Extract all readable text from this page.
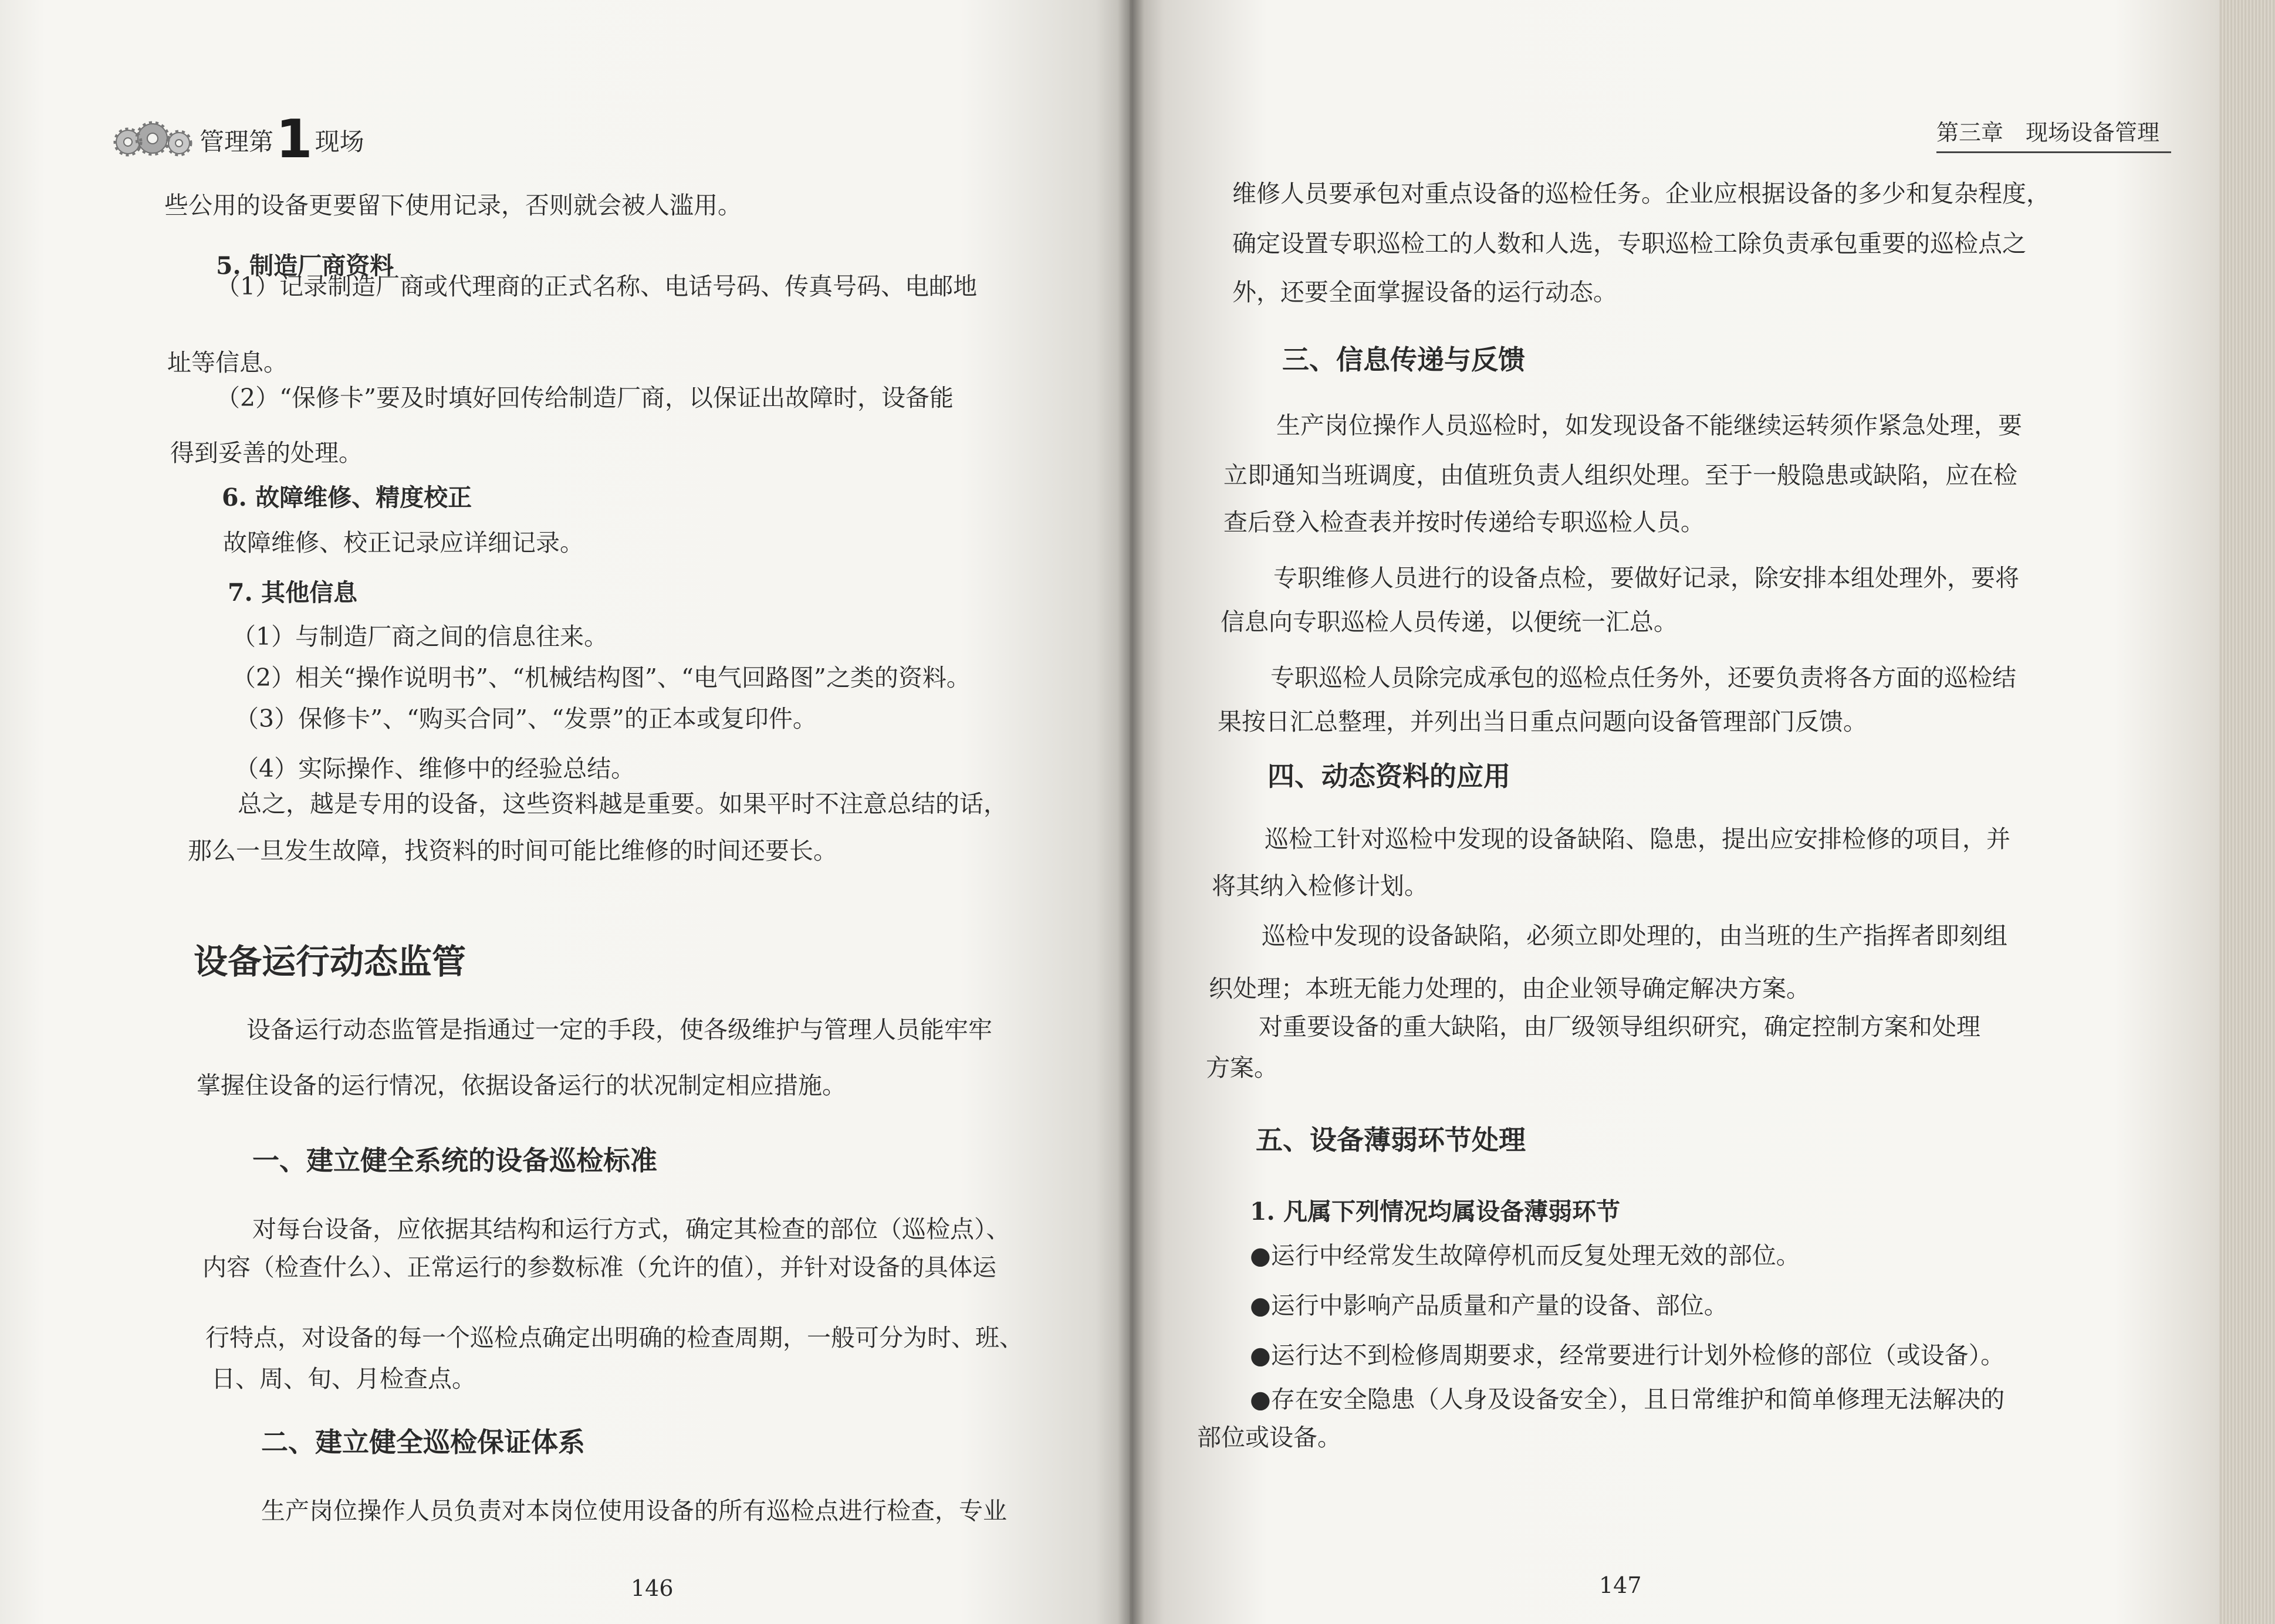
管理第1现场
些公用的设备更要留下使用记录，否则就会被人滥用。
5. 制造厂商资料
（1）记录制造厂商或代理商的正式名称、电话号码、传真号码、电邮地
址等信息。
（2）“保修卡”要及时填好回传给制造厂商，以保证出故障时，设备能
得到妥善的处理。
6. 故障维修、精度校正
故障维修、校正记录应详细记录。
7. 其他信息
（1）与制造厂商之间的信息往来。
（2）相关“操作说明书”、“机械结构图”、“电气回路图”之类的资料。
（3）保修卡”、“购买合同”、“发票”的正本或复印件。
（4）实际操作、维修中的经验总结。
总之，越是专用的设备，这些资料越是重要。如果平时不注意总结的话，
那么一旦发生故障，找资料的时间可能比维修的时间还要长。
设备运行动态监管
设备运行动态监管是指通过一定的手段，使各级维护与管理人员能牢牢
掌握住设备的运行情况，依据设备运行的状况制定相应措施。
一、建立健全系统的设备巡检标准
对每台设备，应依据其结构和运行方式，确定其检查的部位（巡检点）、
内容（检查什么）、正常运行的参数标准（允许的值），并针对设备的具体运
行特点，对设备的每一个巡检点确定出明确的检查周期，一般可分为时、班、
日、周、旬、月检查点。
二、建立健全巡检保证体系
生产岗位操作人员负责对本岗位使用设备的所有巡检点进行检查，专业
146
第三章　现场设备管理
维修人员要承包对重点设备的巡检任务。企业应根据设备的多少和复杂程度，
确定设置专职巡检工的人数和人选，专职巡检工除负责承包重要的巡检点之
外，还要全面掌握设备的运行动态。
三、信息传递与反馈
生产岗位操作人员巡检时，如发现设备不能继续运转须作紧急处理，要
立即通知当班调度，由值班负责人组织处理。至于一般隐患或缺陷，应在检
查后登入检查表并按时传递给专职巡检人员。
专职维修人员进行的设备点检，要做好记录，除安排本组处理外，要将
信息向专职巡检人员传递，以便统一汇总。
专职巡检人员除完成承包的巡检点任务外，还要负责将各方面的巡检结
果按日汇总整理，并列出当日重点问题向设备管理部门反馈。
四、动态资料的应用
巡检工针对巡检中发现的设备缺陷、隐患，提出应安排检修的项目，并
将其纳入检修计划。
巡检中发现的设备缺陷，必须立即处理的，由当班的生产指挥者即刻组
织处理；本班无能力处理的，由企业领导确定解决方案。
对重要设备的重大缺陷，由厂级领导组织研究，确定控制方案和处理
方案。
五、设备薄弱环节处理
1. 凡属下列情况均属设备薄弱环节
●运行中经常发生故障停机而反复处理无效的部位。
●运行中影响产品质量和产量的设备、部位。
●运行达不到检修周期要求，经常要进行计划外检修的部位（或设备）。
●存在安全隐患（人身及设备安全），且日常维护和简单修理无法解决的
部位或设备。
147
